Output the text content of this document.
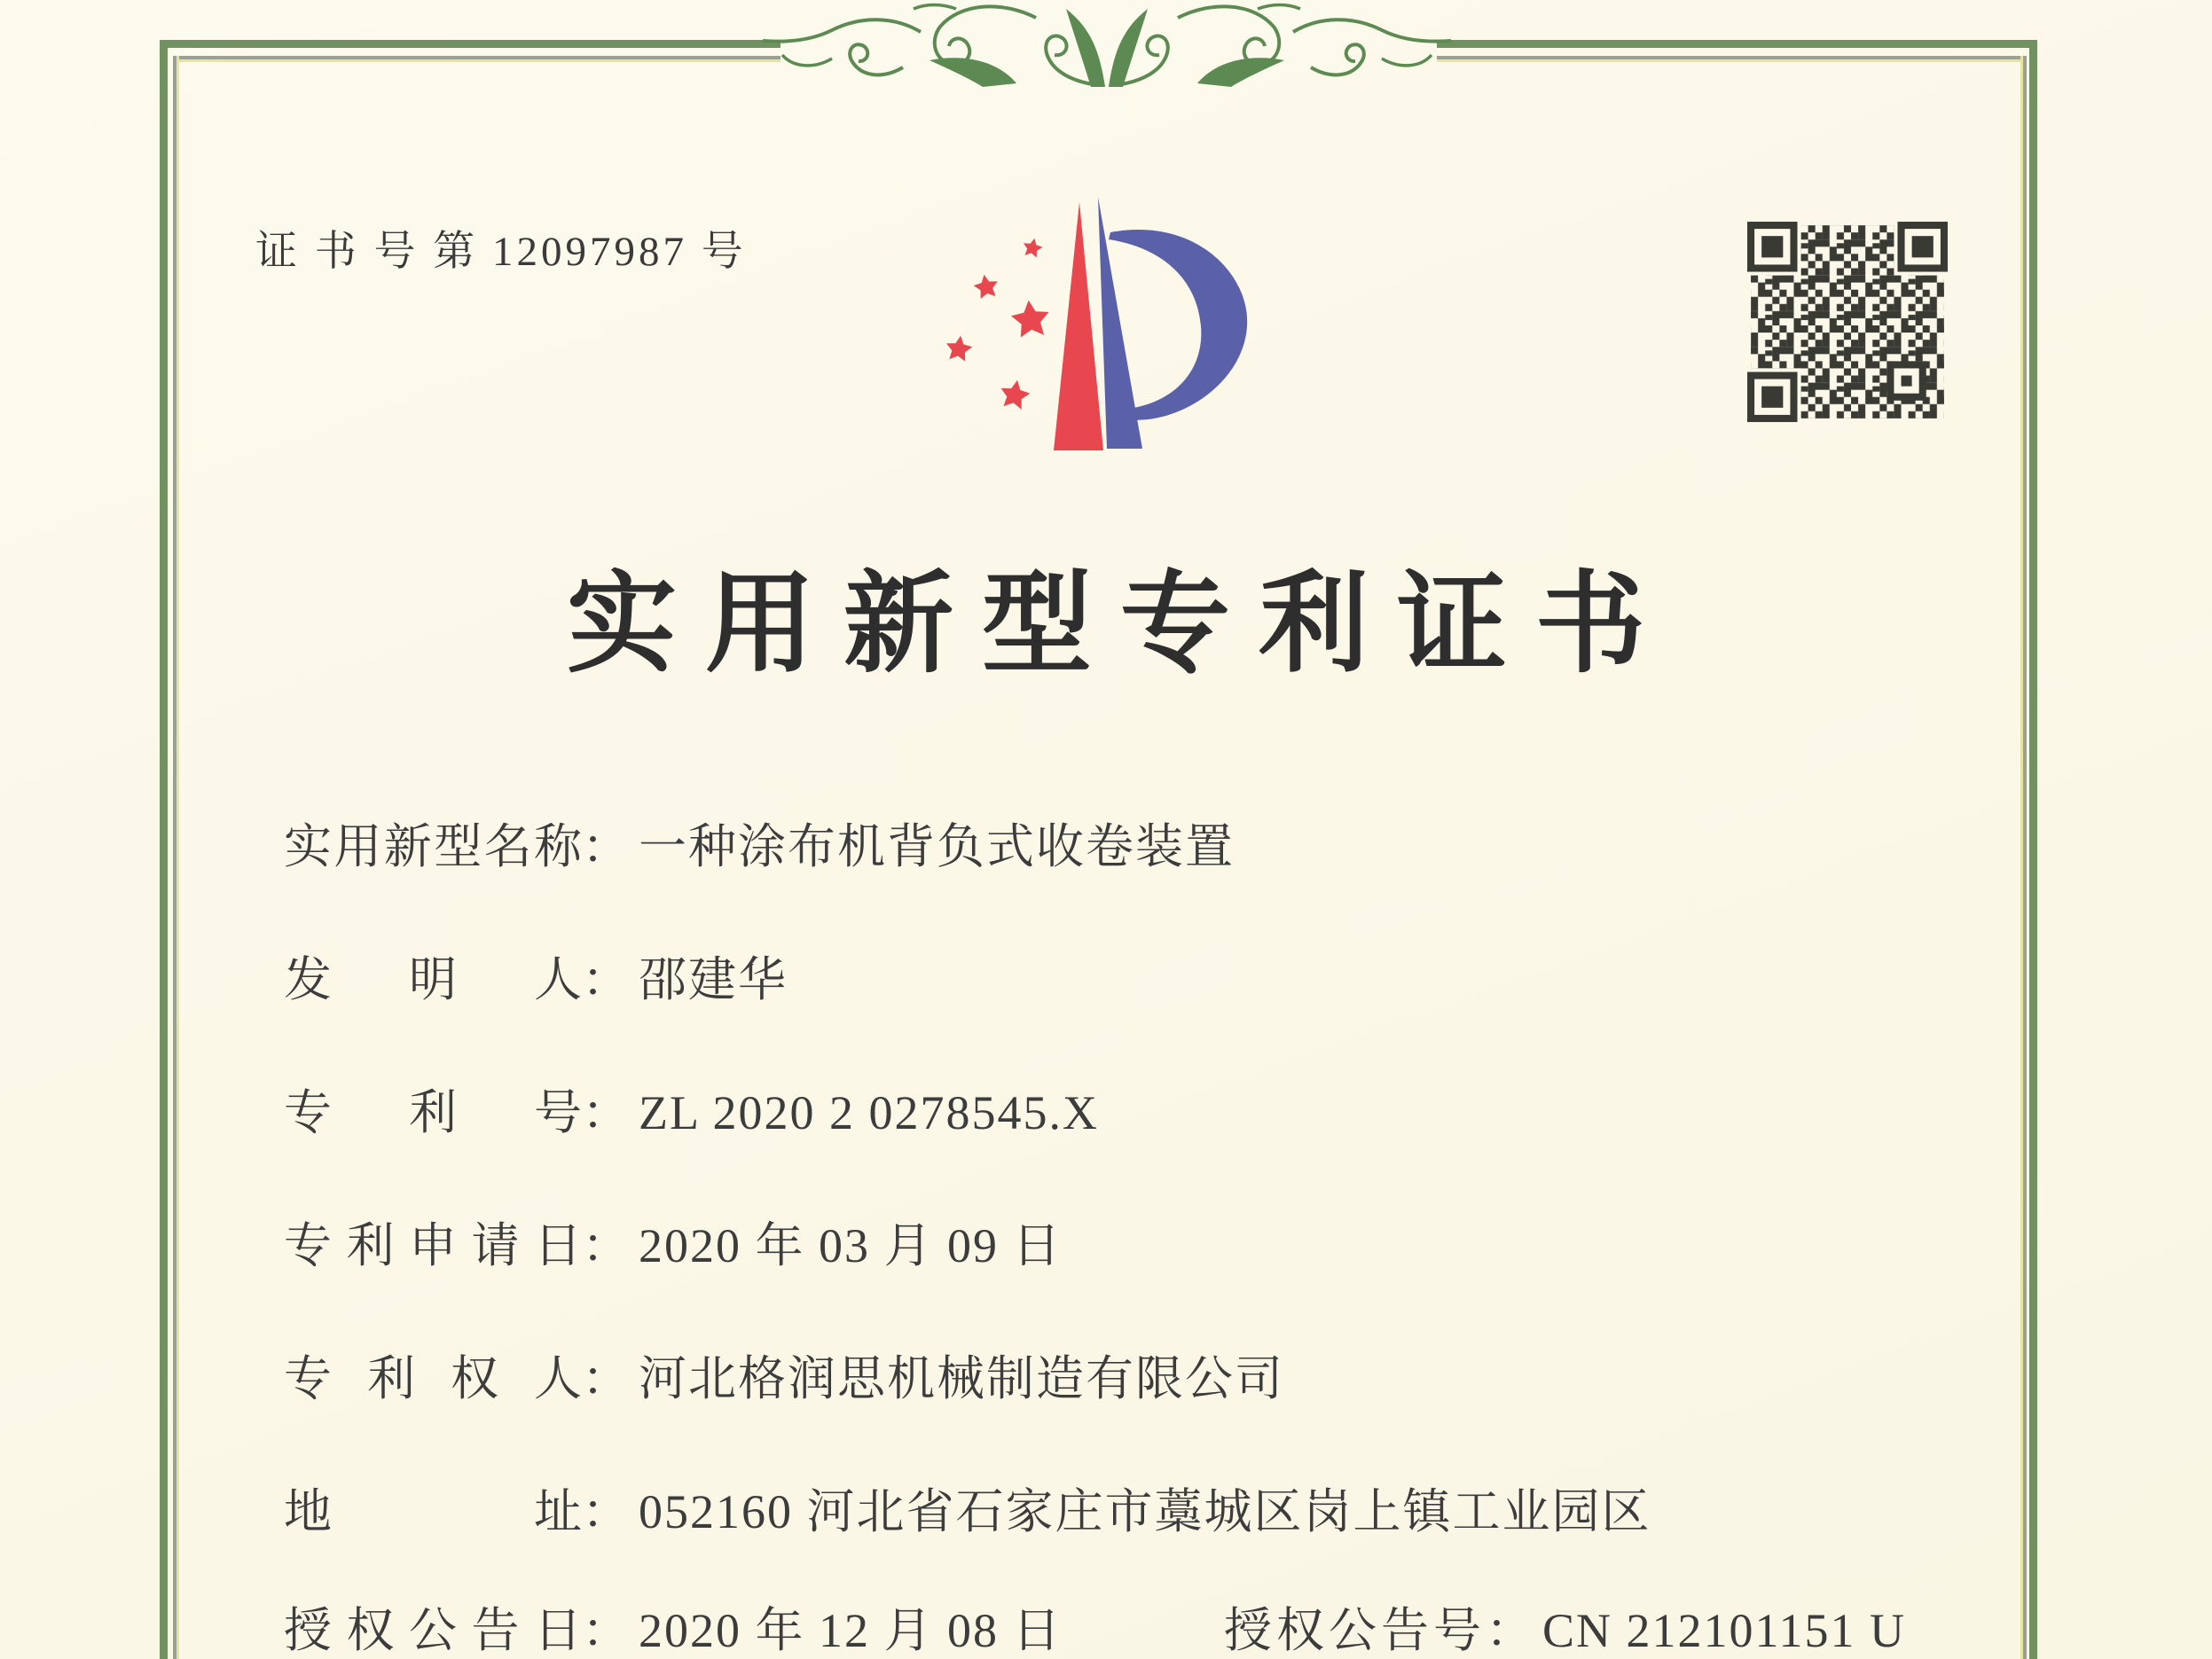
证 书 号 第 12097987 号
实用新型专利证书
实用新型名称： 一种涂布机背负式收卷装置
发明人： 邵建华
专利号： ZL 2020 2 0278545.X
专利申请日： 2020 年 03 月 09 日
专利权人： 河北格润思机械制造有限公司
地址： 052160 河北省石家庄市藁城区岗上镇工业园区
授权公告日： 2020 年 12 月 08 日	授权公告号： CN 212101151 U
